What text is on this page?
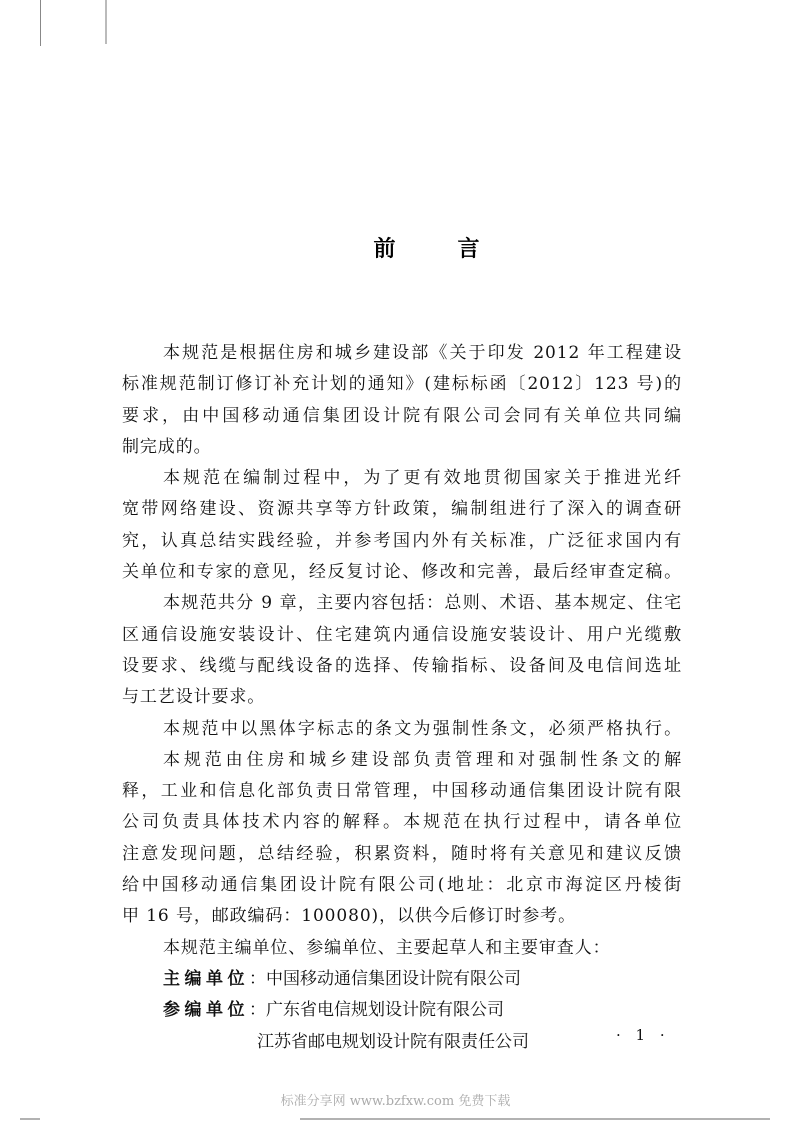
前言
本规范是根据住房和城乡建设部《关于印发 2012 年工程建设
标准规范制订修订补充计划的通知》(建标标函〔2012〕123 号)的
要求，由中国移动通信集团设计院有限公司会同有关单位共同编
制完成的。
本规范在编制过程中，为了更有效地贯彻国家关于推进光纤
宽带网络建设、资源共享等方针政策，编制组进行了深入的调查研
究，认真总结实践经验，并参考国内外有关标准，广泛征求国内有
关单位和专家的意见，经反复讨论、修改和完善，最后经审查定稿。
本规范共分 9 章，主要内容包括：总则、术语、基本规定、住宅
区通信设施安装设计、住宅建筑内通信设施安装设计、用户光缆敷
设要求、线缆与配线设备的选择、传输指标、设备间及电信间选址
与工艺设计要求。
本规范中以黑体字标志的条文为强制性条文，必须严格执行。
本规范由住房和城乡建设部负责管理和对强制性条文的解
释，工业和信息化部负责日常管理，中国移动通信集团设计院有限
公司负责具体技术内容的解释。本规范在执行过程中，请各单位
注意发现问题，总结经验，积累资料，随时将有关意见和建议反馈
给中国移动通信集团设计院有限公司(地址：北京市海淀区丹棱街
甲 16 号，邮政编码：100080)，以供今后修订时参考。
本规范主编单位、参编单位、主要起草人和主要审查人：
主编单位：中国移动通信集团设计院有限公司
参编单位：广东省电信规划设计院有限公司
江苏省邮电规划设计院有限责任公司	· 1 ·
标准分享网 www.bzfxw.com 免费下载
